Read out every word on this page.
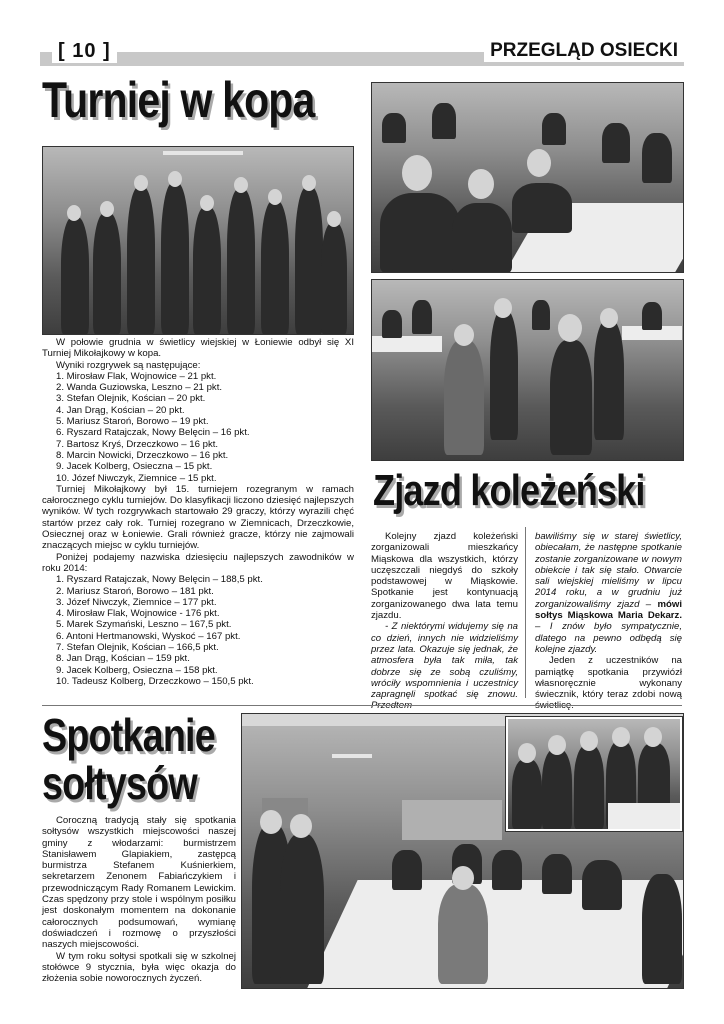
[ 10 ]	PRZEGLĄD OSIECKI
Turniej w kopa

W połowie grudnia w świetlicy wiejskiej w Łoniewie odbył się XI Turniej Mikołajkowy w kopa.

Wyniki rozgrywek są następujące:

1. Mirosław Flak, Wojnowice – 21 pkt.
2. Wanda Guziowska, Leszno – 21 pkt.
3. Stefan Olejnik, Kościan – 20 pkt.
4. Jan Drąg, Kościan – 20 pkt.
5. Mariusz Staroń, Borowo – 19 pkt.
6. Ryszard Ratajczak, Nowy Belęcin – 16 pkt.
7. Bartosz Kryś, Drzeczkowo – 16 pkt.
8. Marcin Nowicki, Drzeczkowo – 16 pkt.
9. Jacek Kolberg, Osieczna – 15 pkt.
10. Józef Niwczyk, Ziemnice – 15 pkt.

Turniej Mikołajkowy był 15. turniejem rozegranym w ramach całorocznego cyklu turniejów. Do klasyfikacji liczono dziesięć najlepszych wyników. W tych rozgrywkach startowało 29 graczy, którzy wyrazili chęć startów przez cały rok. Turniej rozegrano w Ziemnicach, Drzeczkowie, Osiecznej oraz w Łoniewie. Grali również gracze, którzy nie zajmowali znaczących miejsc w cyklu turniejów.

Poniżej podajemy nazwiska dziesięciu najlepszych zawodników w roku 2014:

1. Ryszard Ratajczak, Nowy Belęcin – 188,5 pkt.
2. Mariusz Staroń, Borowo – 181 pkt.
3. Józef Niwczyk, Ziemnice – 177 pkt.
4. Mirosław Flak, Wojnowice - 176 pkt.
5. Marek Szymański, Leszno – 167,5 pkt.
6. Antoni Hertmanowski, Wyskoć – 167 pkt.
7. Stefan Olejnik, Kościan – 166,5 pkt.
8. Jan Drąg, Kościan – 159 pkt.
9. Jacek Kolberg, Osieczna – 158 pkt.
10. Tadeusz Kolberg, Drzeczkowo – 150,5 pkt.
Zjazd koleżeński

Kolejny zjazd koleżeński zorganizowali mieszkańcy Miąskowa dla wszystkich, którzy uczęszczali niegdyś do szkoły podstawowej w Miąskowie. Spotkanie jest kontynuacją zorganizowanego dwa lata temu zjazdu.

- Z niektórymi widujemy się na co dzień, innych nie widzieliśmy przez lata. Okazuje się jednak, że atmosfera była tak miła, tak dobrze się ze sobą czuliśmy, wróciły wspomnienia i uczestnicy zapragnęli spotkać się znowu.

bawiliśmy się w starej świetlicy, obiecałam, że następne spotkanie zostanie zorganizowane w nowym obiekcie i tak się stało. Otwarcie sali wiejskiej mieliśmy w lipcu 2014 roku, a w grudniu już zorganizowaliśmy zjazd – mówi sołtys Miąskowa Maria Dekarz. – I znów było sympatycznie, dlatego na pewno odbędą się kolejne zjazdy.

Jeden z uczestników na pamiątkę spotkania przywiózł własnoręcznie wykonany świecznik, który teraz zdobi nową

Spotkanie
sołtysów

Coroczną tradycją stały się spotkania sołtysów wszystkich miejscowości naszej gminy z włodarzami: burmistrzem Stanisławem Glapiakiem, zastępcą burmistrza Stefanem Kuśnierkiem, sekretarzem Zenonem Fabiańczykiem i przewodniczącym Rady Romanem Lewickim. Czas spędzony przy stole i wspólnym posiłku jest doskonałym momentem na dokonanie całorocznych podsumowań, wymianę doświadczeń i rozmowę o przyszłości naszych miejscowości.

W tym roku sołtysi spotkali się w szkolnej stołówce 9 stycznia, była więc okazja do złożenia sobie noworocznych życzeń.
